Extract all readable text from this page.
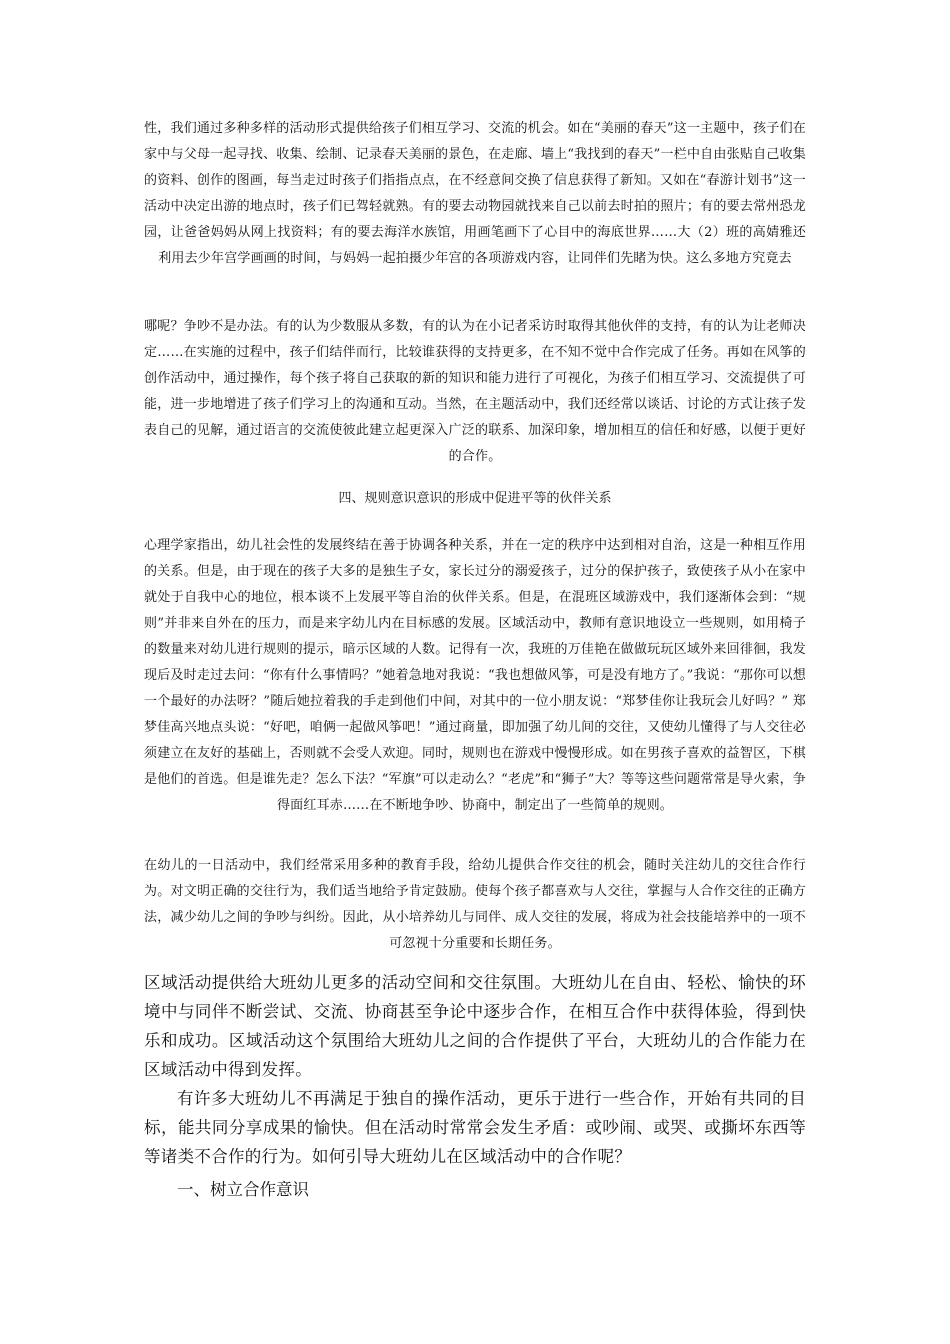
性，我们通过多种多样的活动形式提供给孩子们相互学习、交流的机会。如在“美丽的春天”这一主题中，孩子们在家中与父母一起寻找、收集、绘制、记录春天美丽的景色，在走廊、墙上“我找到的春天”一栏中自由张贴自己收集的资料、创作的图画，每当走过时孩子们指指点点，在不经意间交换了信息获得了新知。又如在“春游计划书”这一活动中决定出游的地点时，孩子们已驾轻就熟。有的要去动物园就找来自己以前去时拍的照片；有的要去常州恐龙园，让爸爸妈妈从网上找资料；有的要去海洋水族馆，用画笔画下了心目中的海底世界……大（2）班的高婧雅还利用去少年宫学画画的时间，与妈妈一起拍摄少年宫的各项游戏内容，让同伴们先睹为快。这么多地方究竟去
哪呢？争吵不是办法。有的认为少数服从多数，有的认为在小记者采访时取得其他伙伴的支持，有的认为让老师决定……在实施的过程中，孩子们结伴而行，比较谁获得的支持更多，在不知不觉中合作完成了任务。再如在风筝的创作活动中，通过操作，每个孩子将自己获取的新的知识和能力进行了可视化，为孩子们相互学习、交流提供了可能，进一步地增进了孩子们学习上的沟通和互动。当然，在主题活动中，我们还经常以谈话、讨论的方式让孩子发表自己的见解，通过语言的交流使彼此建立起更深入广泛的联系、加深印象，增加相互的信任和好感，以便于更好的合作。
四、规则意识意识的形成中促进平等的伙伴关系
心理学家指出，幼儿社会性的发展终结在善于协调各种关系，并在一定的秩序中达到相对自治，这是一种相互作用的关系。但是，由于现在的孩子大多的是独生子女，家长过分的溺爱孩子，过分的保护孩子，致使孩子从小在家中就处于自我中心的地位，根本谈不上发展平等自治的伙伴关系。但是，在混班区域游戏中，我们逐渐体会到：“规则”并非来自外在的压力，而是来字幼儿内在目标感的发展。区域活动中，教师有意识地设立一些规则，如用椅子的数量来对幼儿进行规则的提示，暗示区域的人数。记得有一次，我班的万佳艳在做做玩玩区域外来回徘徊，我发现后及时走过去问：“你有什么事情吗？”她着急地对我说：“我也想做风筝，可是没有地方了。”我说：“那你可以想一个最好的办法呀？”随后她拉着我的手走到他们中间，对其中的一位小朋友说：“郑梦佳你让我玩会儿好吗？” 郑梦佳高兴地点头说：“好吧，咱俩一起做风筝吧！”通过商量，即加强了幼儿间的交往，又使幼儿懂得了与人交往必须建立在友好的基础上，否则就不会受人欢迎。同时，规则也在游戏中慢慢形成。如在男孩子喜欢的益智区，下棋是他们的首选。但是谁先走？怎么下法？“军旗”可以走动么？“老虎”和“狮子”大？等等这些问题常常是导火索，争得面红耳赤……在不断地争吵、协商中，制定出了一些简单的规则。
在幼儿的一日活动中，我们经常采用多种的教育手段，给幼儿提供合作交往的机会，随时关注幼儿的交往合作行为。对文明正确的交往行为，我们适当地给予肯定鼓励。使每个孩子都喜欢与人交往，掌握与人合作交往的正确方法，减少幼儿之间的争吵与纠纷。因此，从小培养幼儿与同伴、成人交往的发展，将成为社会技能培养中的一项不可忽视十分重要和长期任务。
区域活动提供给大班幼儿更多的活动空间和交往氛围。大班幼儿在自由、轻松、愉快的环境中与同伴不断尝试、交流、协商甚至争论中逐步合作，在相互合作中获得体验，得到快乐和成功。区域活动这个氛围给大班幼儿之间的合作提供了平台，大班幼儿的合作能力在区域活动中得到发挥。
有许多大班幼儿不再满足于独自的操作活动，更乐于进行一些合作，开始有共同的目标，能共同分享成果的愉快。但在活动时常常会发生矛盾：或吵闹、或哭、或撕坏东西等等诸类不合作的行为。如何引导大班幼儿在区域活动中的合作呢？
一、树立合作意识
